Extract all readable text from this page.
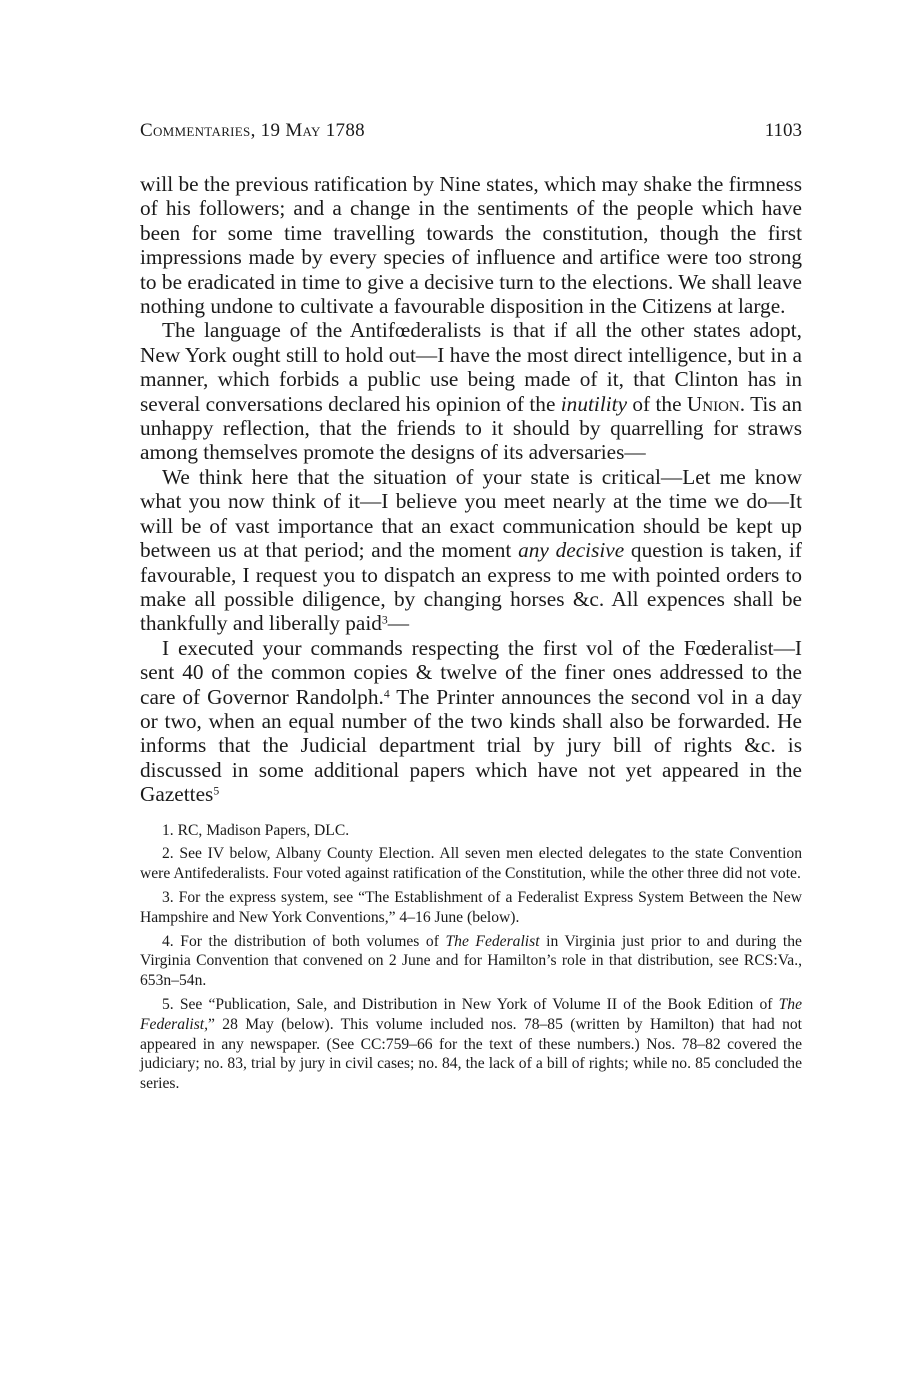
Commentaries, 19 May 1788	1103

will be the previous ratification by Nine states, which may shake the firmness of his followers; and a change in the sentiments of the people which have been for some time travelling towards the constitution, though the first impressions made by every species of influence and artifice were too strong to be eradicated in time to give a decisive turn to the elections. We shall leave nothing undone to cultivate a favourable disposition in the Citizens at large.

The language of the Antifœderalists is that if all the other states adopt, New York ought still to hold out—I have the most direct intelligence, but in a manner, which forbids a public use being made of it, that Clinton has in several conversations declared his opinion of the inutility of the Union. Tis an unhappy reflection, that the friends to it should by quarrelling for straws among themselves promote the designs of its adversaries—

We think here that the situation of your state is critical—Let me know what you now think of it—I believe you meet nearly at the time we do—It will be of vast importance that an exact communication should be kept up between us at that period; and the moment any decisive question is taken, if favourable, I request you to dispatch an express to me with pointed orders to make all possible diligence, by changing horses &c. All expences shall be thankfully and liberally paid$^3$—

I executed your commands respecting the first vol of the Fœderalist—I sent 40 of the common copies & twelve of the finer ones addressed to the care of Governor Randolph.$^4$ The Printer announces the second vol in a day or two, when an equal number of the two kinds shall also be forwarded. He informs that the Judicial department trial by jury bill of rights &c. is discussed in some additional papers which have not yet appeared in the Gazettes$^5$

1. RC, Madison Papers, DLC.

2. See IV below, Albany County Election. All seven men elected delegates to the state Convention were Antifederalists. Four voted against ratification of the Constitution, while the other three did not vote.

3. For the express system, see “The Establishment of a Federalist Express System Between the New Hampshire and New York Conventions,” 4–16 June (below).

4. For the distribution of both volumes of The Federalist in Virginia just prior to and during the Virginia Convention that convened on 2 June and for Hamilton’s role in that distribution, see RCS:Va., 653n–54n.

5. See “Publication, Sale, and Distribution in New York of Volume II of the Book Edition of The Federalist,” 28 May (below). This volume included nos. 78–85 (written by Hamilton) that had not appeared in any newspaper. (See CC:759–66 for the text of these numbers.) Nos. 78–82 covered the judiciary; no. 83, trial by jury in civil cases; no. 84, the lack of a bill of rights; while no. 85 concluded the series.
